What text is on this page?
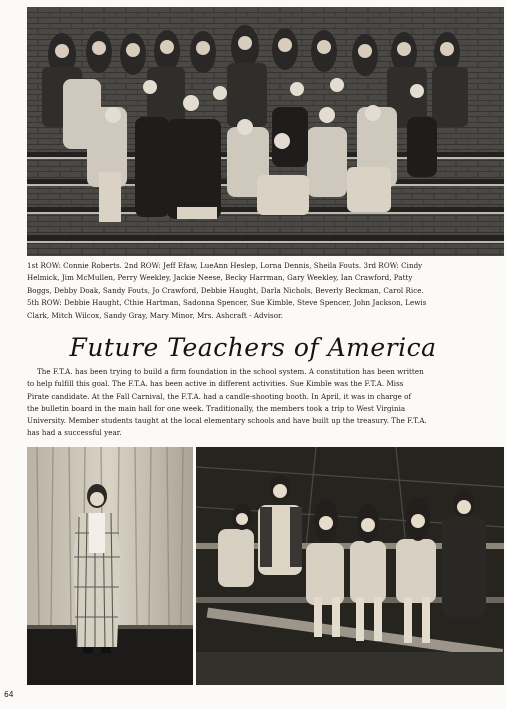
1st ROW: Connie Roberts. 2nd ROW: Jeff Efaw, LueAnn Heslep, Lorna Dennis, Sheila Fouts. 3rd ROW: Cindy
Helmick, Jim McMullen, Perry Weekley, Jackie Neese, Becky Harrman, Gary Weekley, Ian Crawford, Patty
Boggs, Debby Doak, Sandy Fouts, Jo Crawford, Debbie Haught, Darla Nichols, Beverly Beckman, Carol Rice.
5th ROW: Debbie Haught, Cthie Hartman, Sadonna Spencer, Sue Kimble, Steve Spencer, John Jackson, Lewis
Clark, Mitch Wilcox, Sandy Gray, Mary Minor, Mrs. Ashcraft - Advisor.
Future Teachers of America
The F.T.A. has been trying to build a firm foundation in the school system. A constitution has been written
to help fulfill this goal. The F.T.A. has been active in different activities. Sue Kimble was the F.T.A. Miss
Pirate candidate. At the Fall Carnival, the F.T.A. had a candle-shooting booth. In April, it was in charge of
the bulletin board in the main hall for one week. Traditionally, the members took a trip to West Virginia
University. Member students taught at the local elementary schools and have built up the treasury. The F.T.A.
has had a successful year.
64
